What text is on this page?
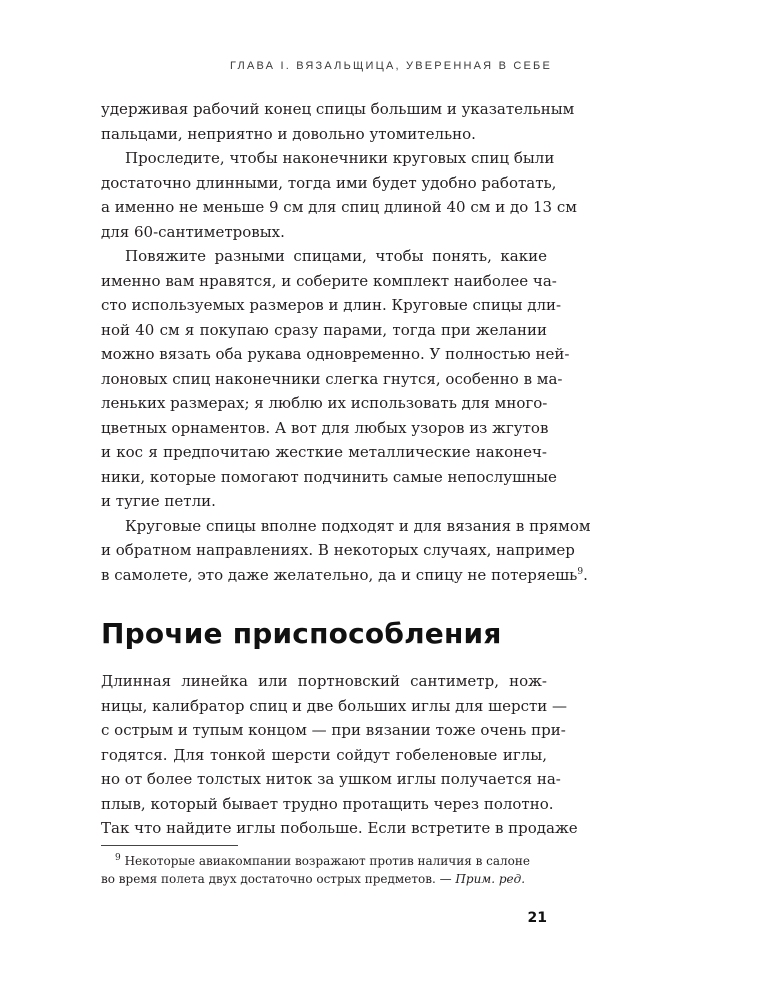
ГЛАВА I. ВЯЗАЛЬЩИЦА, УВЕРЕННАЯ В СЕБЕ

удерживая рабочий конец спицы большим и указательным
пальцами, неприятно и довольно утомительно.

Проследите, чтобы наконечники круговых спиц были
достаточно длинными, тогда ими будет удобно работать,
а именно не меньше 9 см для спиц длиной 40 см и до 13 см
для 60-сантиметровых.

Повяжите разными спицами, чтобы понять, какие
именно вам нравятся, и соберите комплект наиболее ча-
сто используемых размеров и длин. Круговые спицы дли-
ной 40 см я покупаю сразу парами, тогда при желании
можно вязать оба рукава одновременно. У полностью ней-
лоновых спиц наконечники слегка гнутся, особенно в ма-
леньких размерах; я люблю их использовать для много-
цветных орнаментов. А вот для любых узоров из жгутов
и кос я предпочитаю жесткие металлические наконеч-
ники, которые помогают подчинить самые непослушные
и тугие петли.

Круговые спицы вполне подходят и для вязания в прямом
и обратном направлениях. В некоторых случаях, например
в самолете, это даже желательно, да и спицу не потеряешь$^9$.

Прочие приспособления

Длинная линейка или портновский сантиметр, нож-
ницы, калибратор спиц и две больших иглы для шерсти —
с острым и тупым концом — при вязании тоже очень при-
годятся. Для тонкой шерсти сойдут гобеленовые иглы,
но от более толстых ниток за ушком иглы получается на-
плыв, который бывает трудно протащить через полотно.
Так что найдите иглы побольше. Если встретите в продаже

$^9$ Некоторые авиакомпании возражают против наличия в салоне
во время полета двух достаточно острых предметов. — Прим. ред.
21
